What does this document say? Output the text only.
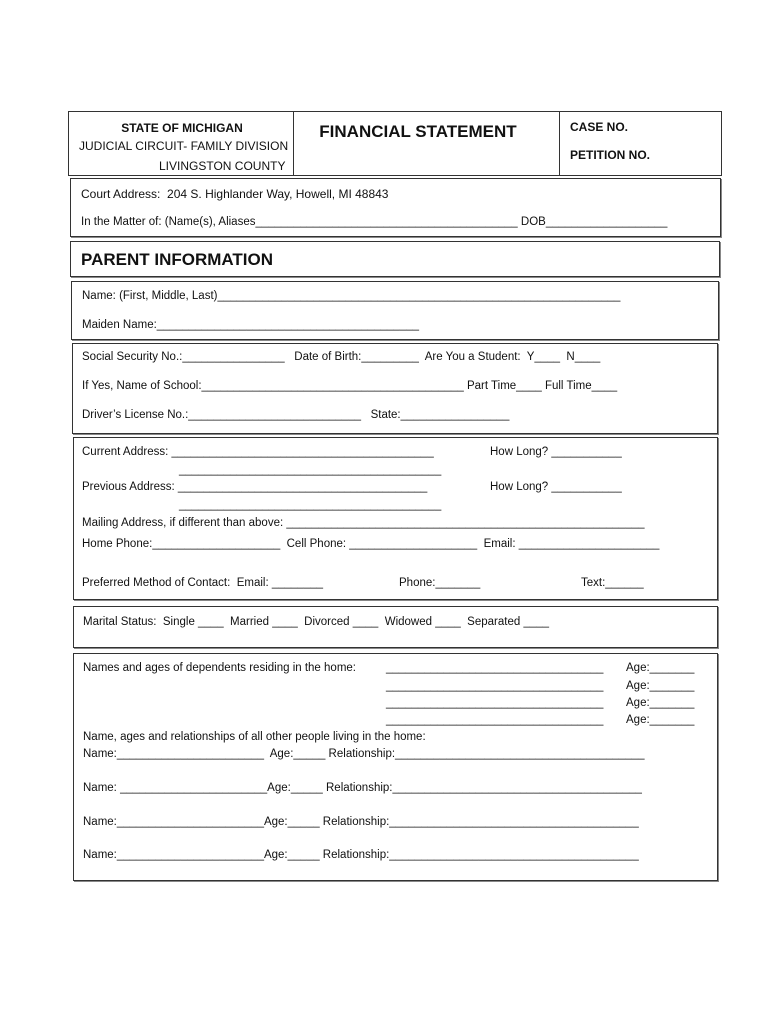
STATE OF MICHIGAN
JUDICIAL CIRCUIT- FAMILY DIVISION
LIVINGSTON COUNTY
FINANCIAL STATEMENT	CASE NO.
PETITION NO.
Court Address:  204 S. Highlander Way, Howell, MI 48843
In the Matter of: (Name(s), Aliases_________________________________________ DOB___________________
PARENT INFORMATION
Name: (First, Middle, Last)_______________________________________________________________
Maiden Name:_________________________________________
Social Security No.:________________   Date of Birth:_________  Are You a Student:  Y____  N____
If Yes, Name of School:_________________________________________ Part Time____ Full Time____
Driver’s License No.:___________________________   State:_________________
Current Address: _________________________________________
_________________________________________
How Long? ___________
Previous Address: _______________________________________
_________________________________________
How Long? ___________
Mailing Address, if different than above: ________________________________________________________
Home Phone:____________________  Cell Phone: ____________________  Email: ______________________
Preferred Method of Contact:  Email: ________	Phone:_______	Text:______
Marital Status:  Single ____  Married ____  Divorced ____  Widowed ____  Separated ____
Names and ages of dependents residing in the home:	__________________________________ Age:_______
__________________________________ Age:_______
__________________________________ Age:_______
__________________________________ Age:_______
Name, ages and relationships of all other people living in the home:
Name:_______________________  Age:_____ Relationship:_______________________________________
Name: _______________________Age:_____ Relationship:_______________________________________
Name:_______________________Age:_____ Relationship:_______________________________________
Name:_______________________Age:_____ Relationship:_______________________________________
